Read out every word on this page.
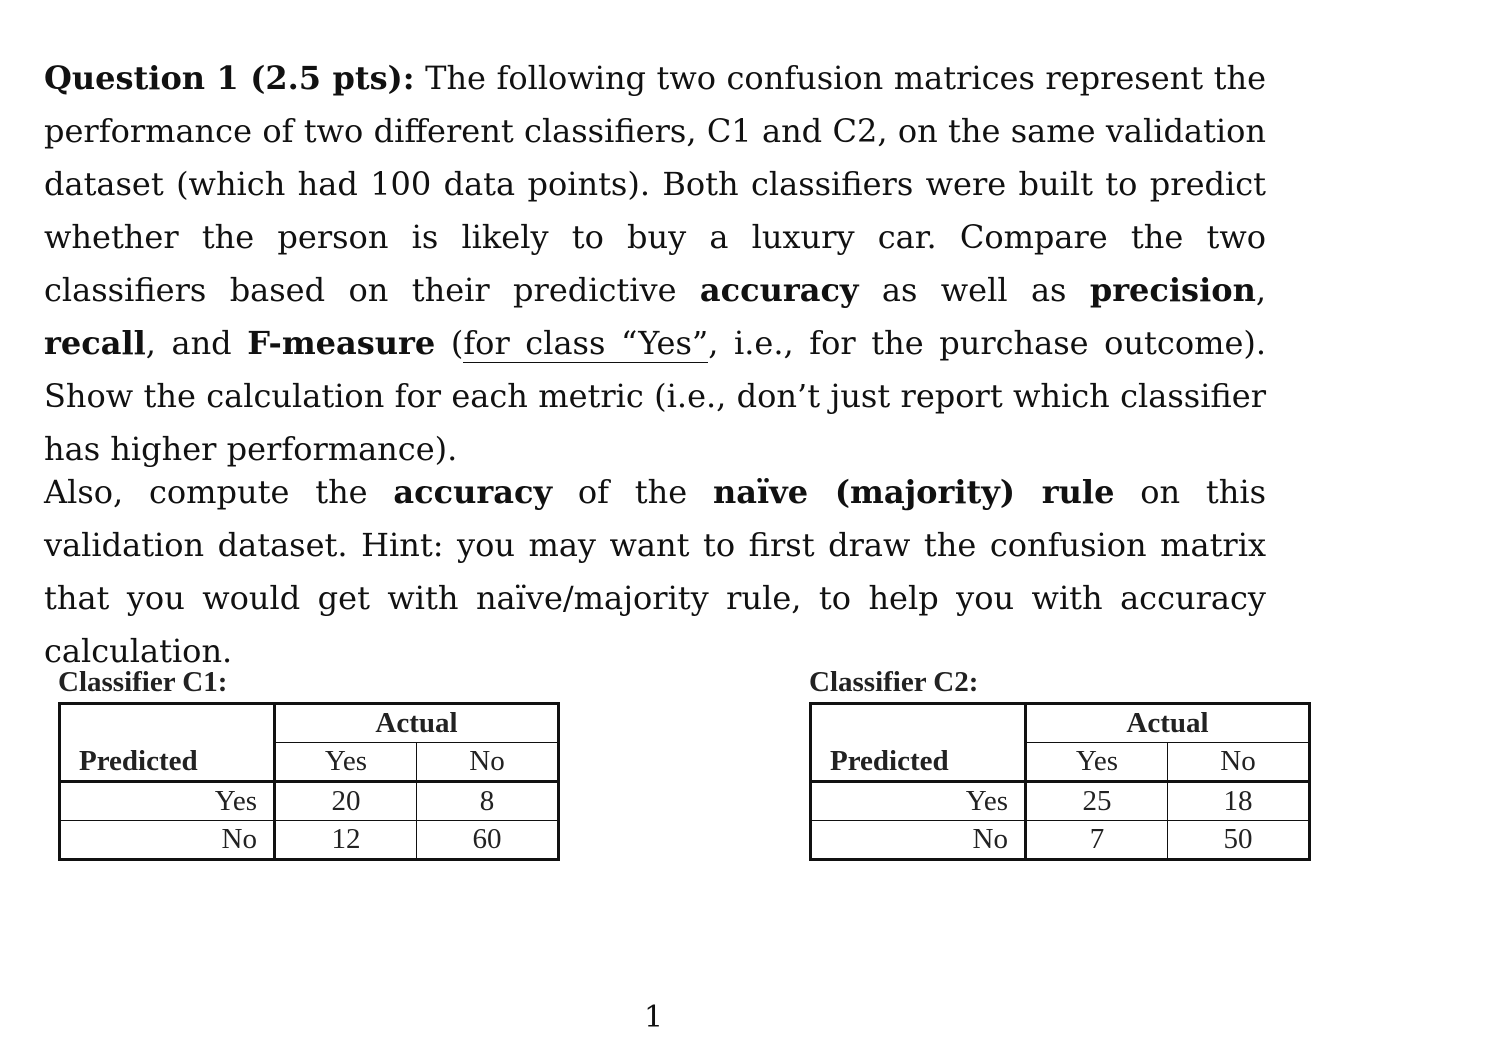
Question 1 (2.5 pts): The following two confusion matrices represent the performance of two different classifiers, C1 and C2, on the same validation dataset (which had 100 data points). Both classifiers were built to predict whether the person is likely to buy a luxury car. Compare the two classifiers based on their predictive accuracy as well as precision, recall, and F-measure (for class “Yes”, i.e., for the purchase outcome). Show the calculation for each metric (i.e., don’t just report which classifier has higher performance).

Also, compute the accuracy of the naïve (majority) rule on this validation dataset. Hint: you may want to first draw the confusion matrix that you would get with naïve/majority rule, to help you with accuracy calculation.

Classifier C1:
	Actual	
Predicted	Yes	No
Yes	20	8
No	12	60
Classifier C2:
	Actual	
Predicted	Yes	No
Yes	25	18
No	7	50
1
